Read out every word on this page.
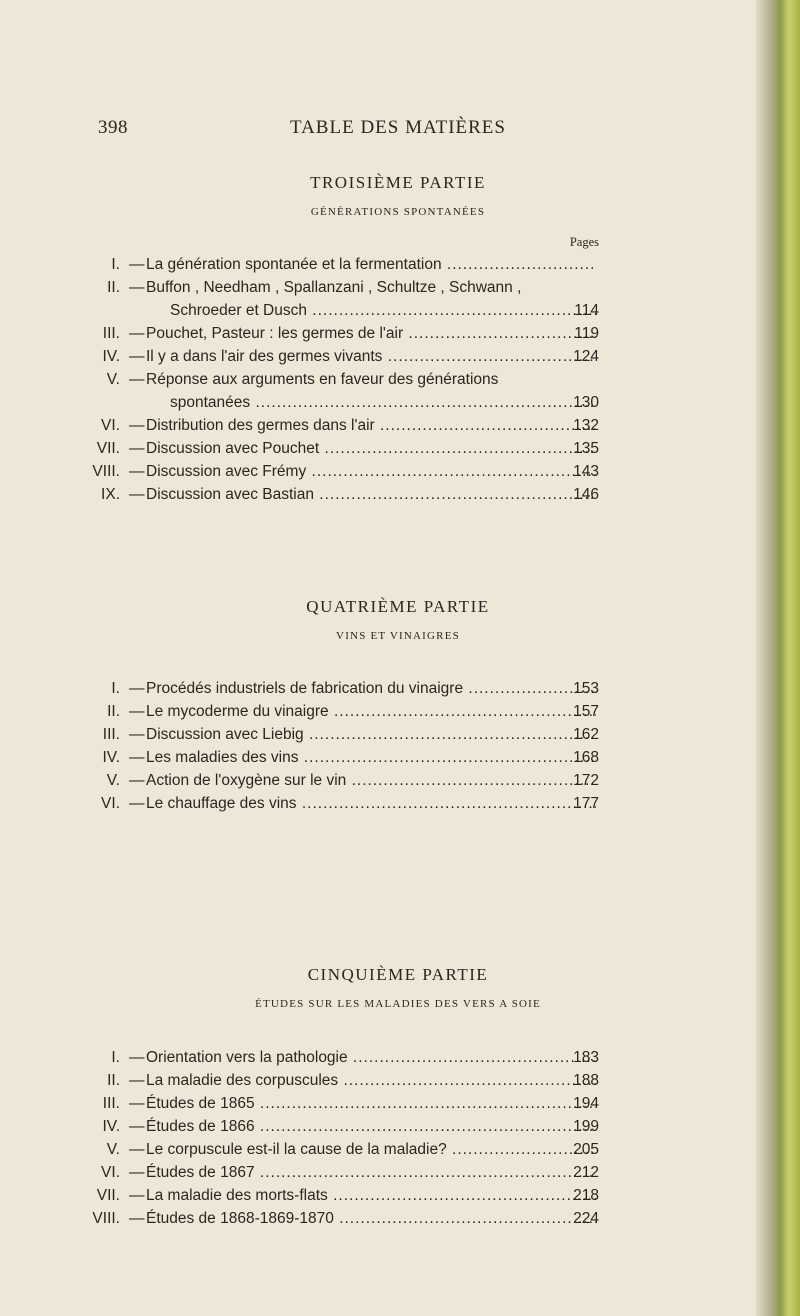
398	TABLE DES MATIÈRES
TROISIÈME PARTIE
GÉNÉRATIONS SPONTANÉES
Pages
I. — La génération spontanée et la fermentation .....
II. — Buffon , Needham , Spallanzani , Schultze , Schwann ,
Schroeder et Dusch .....	114
III. — Pouchet, Pasteur : les germes de l'air .....	119
IV. — Il y a dans l'air des germes vivants .....	124
V. — Réponse aux arguments en faveur des générations
spontanées .....	130
VI. — Distribution des germes dans l'air .....	132
VII. — Discussion avec Pouchet .....	135
VIII. — Discussion avec Frémy .....	143
IX. — Discussion avec Bastian .....	146
QUATRIÈME PARTIE
VINS ET VINAIGRES
I. — Procédés industriels de fabrication du vinaigre .....	153
II. — Le mycoderme du vinaigre .....	157
III. — Discussion avec Liebig .....	162
IV. — Les maladies des vins .....	168
V. — Action de l'oxygène sur le vin .....	172
VI. — Le chauffage des vins .....	177
CINQUIÈME PARTIE
ÉTUDES SUR LES MALADIES DES VERS A SOIE
I. — Orientation vers la pathologie .....	183
II. — La maladie des corpuscules .....	188
III. — Études de 1865 .....	194
IV. — Études de 1866 .....	199
V. — Le corpuscule est-il la cause de la maladie? .....	205
VI. — Études de 1867 .....	212
VII. — La maladie des morts-flats .....	218
VIII. — Études de 1868-1869-1870 .....	224
